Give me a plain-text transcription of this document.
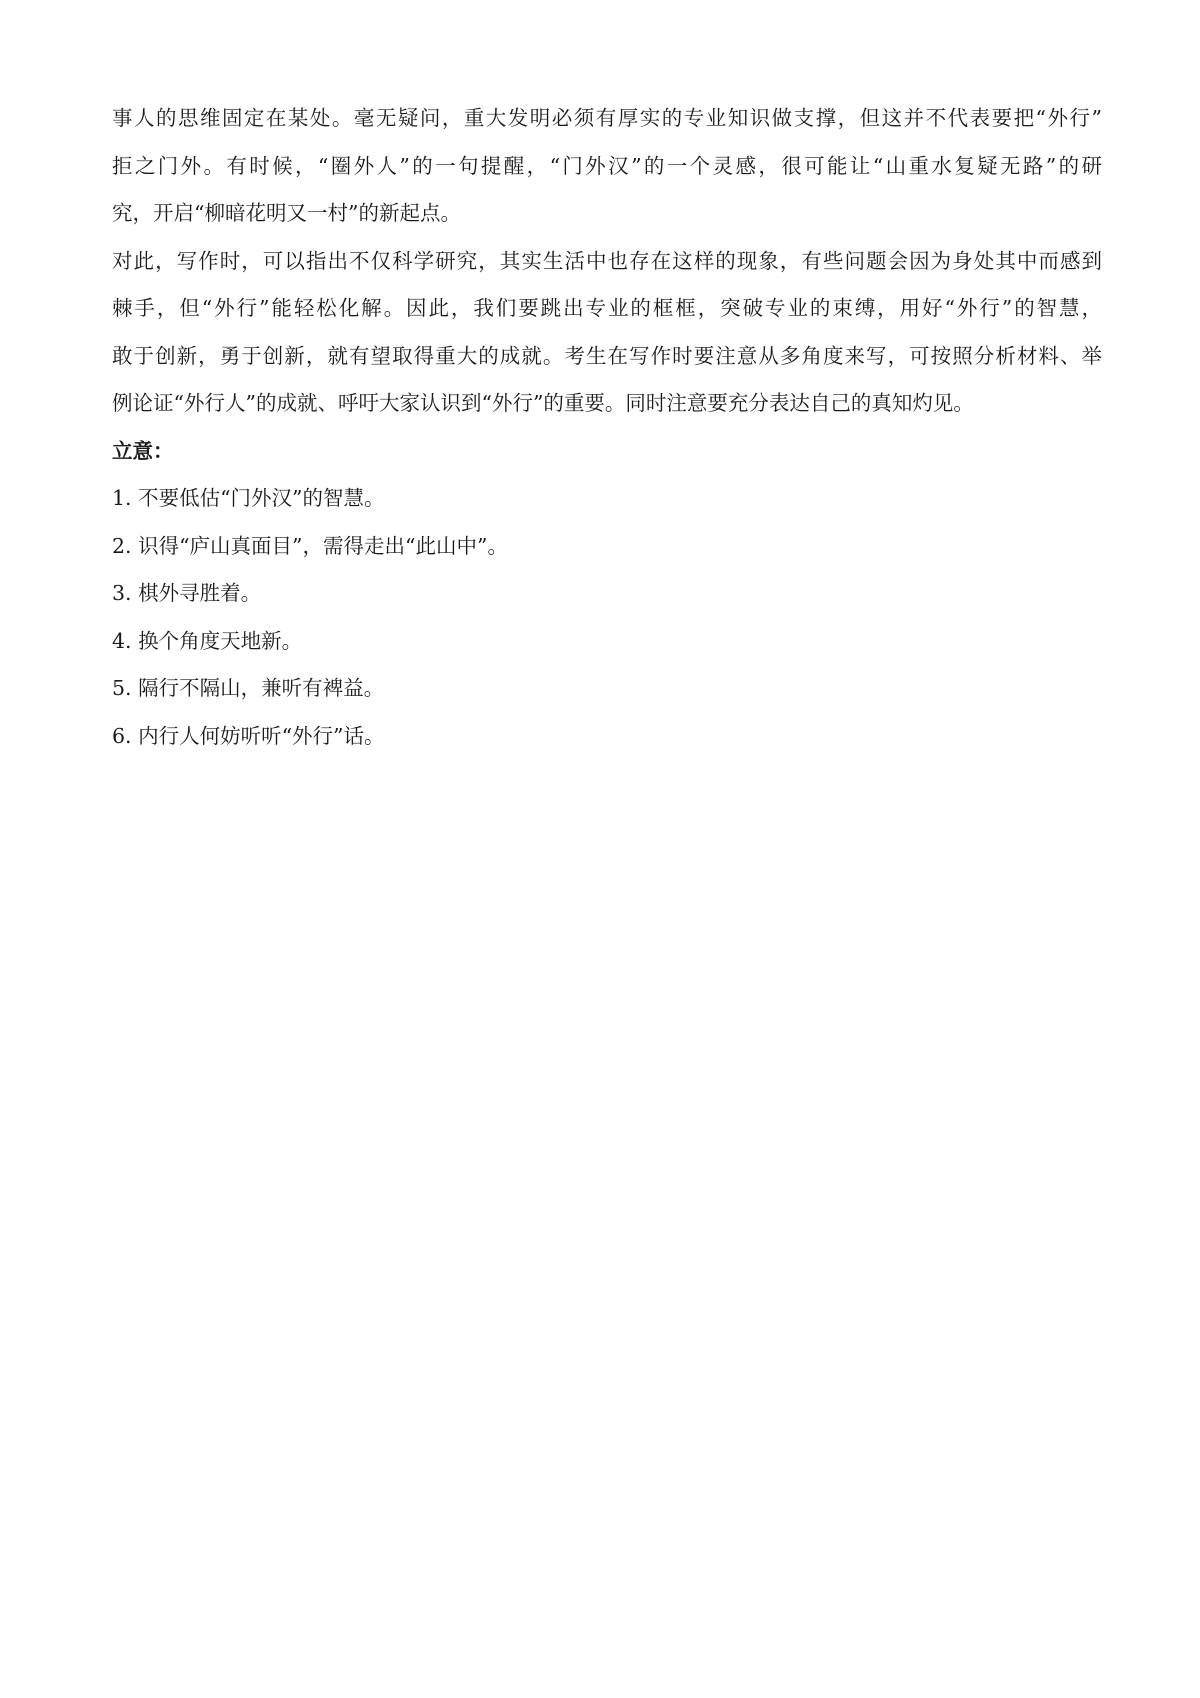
事人的思维固定在某处。毫无疑问，重大发明必须有厚实的专业知识做支撑，但这并不代表要把“外行”
拒之门外。有时候，“圈外人”的一句提醒，“门外汉”的一个灵感，很可能让“山重水复疑无路”的研
究，开启“柳暗花明又一村”的新起点。
对此，写作时，可以指出不仅科学研究，其实生活中也存在这样的现象，有些问题会因为身处其中而感到
棘手，但“外行”能轻松化解。因此，我们要跳出专业的框框，突破专业的束缚，用好“外行”的智慧，
敢于创新，勇于创新，就有望取得重大的成就。考生在写作时要注意从多角度来写，可按照分析材料、举
例论证“外行人”的成就、呼吁大家认识到“外行”的重要。同时注意要充分表达自己的真知灼见。
立意：
1. 不要低估“门外汉”的智慧。
2. 识得“庐山真面目”，需得走出“此山中”。
3. 棋外寻胜着。
4. 换个角度天地新。
5. 隔行不隔山，兼听有裨益。
6. 内行人何妨听听“外行”话。
